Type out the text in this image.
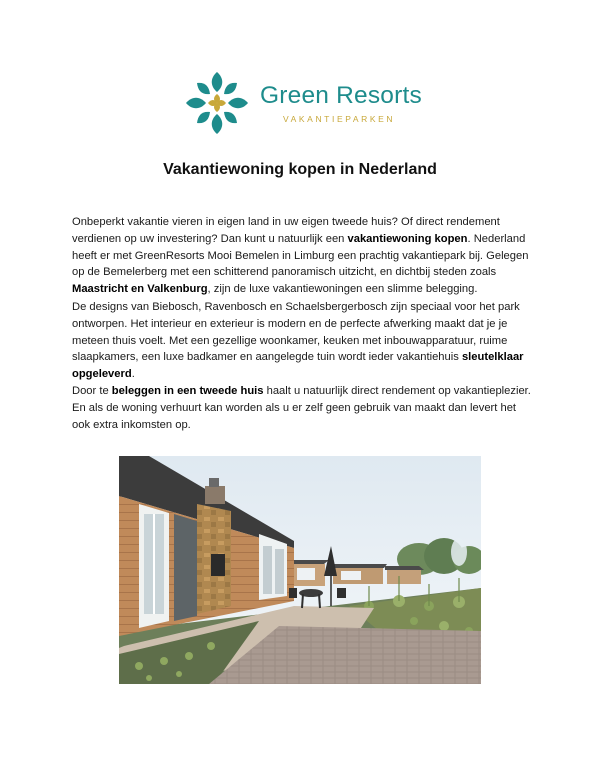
Green Resorts
VAKANTIEPARKEN
Vakantiewoning kopen in Nederland

Onbeperkt vakantie vieren in eigen land in uw eigen tweede huis? Of direct rendement verdienen op uw investering? Dan kunt u natuurlijk een vakantiewoning kopen. Nederland heeft er met GreenResorts Mooi Bemelen in Limburg een prachtig vakantiepark bij. Gelegen op de Bemelerberg met een schitterend panoramisch uitzicht, en dichtbij steden zoals Maastricht en Valkenburg, zijn de luxe vakantiewoningen een slimme belegging.

De designs van Biebosch, Ravenbosch en Schaelsbergerbosch zijn speciaal voor het park ontworpen. Het interieur en exterieur is modern en de perfecte afwerking maakt dat je je meteen thuis voelt. Met een gezellige woonkamer, keuken met inbouwapparatuur, ruime slaapkamers, een luxe badkamer en aangelegde tuin wordt ieder vakantiehuis sleutelklaar opgeleverd.

Door te beleggen in een tweede huis haalt u natuurlijk direct rendement op vakantieplezier. En als de woning verhuurt kan worden als u er zelf geen gebruik van maakt dan levert het ook extra inkomsten op.
